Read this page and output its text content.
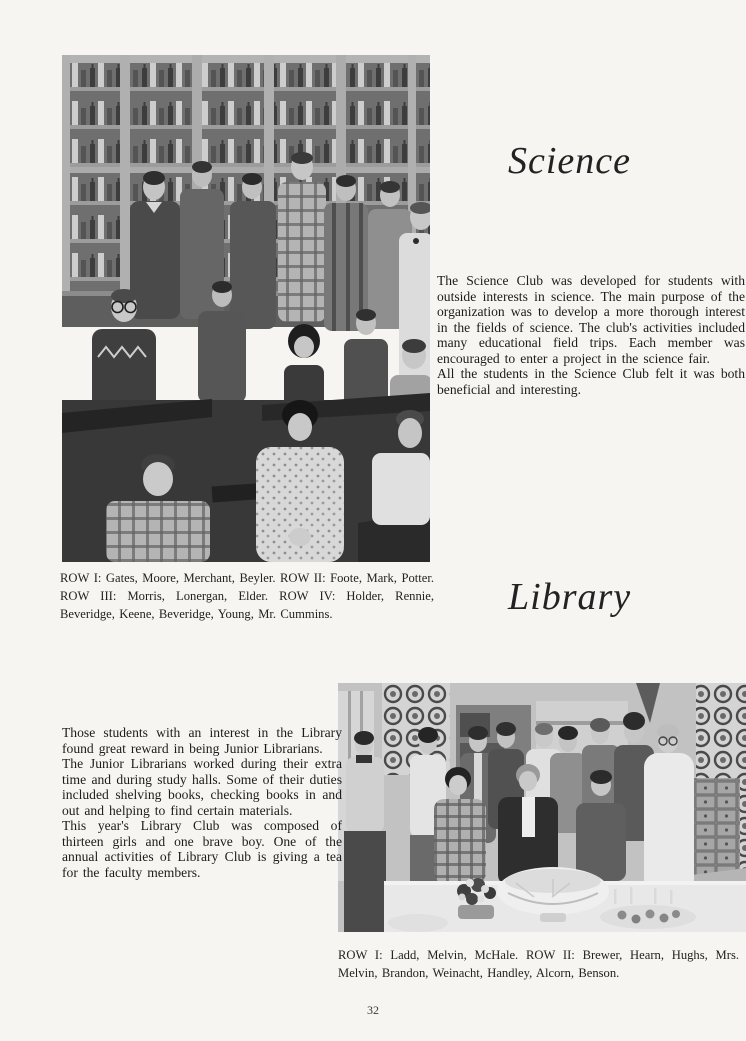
Science

The Science Club was developed for students with outside interests in science. The main purpose of the organization was to develop a more thorough interest in the fields of science. The club's activities included many educational field trips. Each member was encouraged to enter a project in the science fair.

All the students in the Science Club felt it was both beneficial and interesting.

ROW I: Gates, Moore, Merchant, Beyler. ROW II: Foote, Mark, Potter. ROW III: Morris, Lonergan, Elder. ROW IV: Holder, Rennie, Beveridge, Keene, Beveridge, Young, Mr. Cummins.	Library

Those students with an interest in the Library found great reward in being Junior Librarians.

The Junior Librarians worked during their extra time and during study halls. Some of their duties included shelving books, checking books in and out and helping to find certain materials.

This year's Library Club was composed of thirteen girls and one brave boy. One of the annual activities of Library Club is giving a tea for the faculty members.

ROW I: Ladd, Melvin, McHale. ROW II: Brewer, Hearn, Hughs, Mrs. Melvin, Brandon, Weinacht, Handley, Alcorn, Benson.

32
